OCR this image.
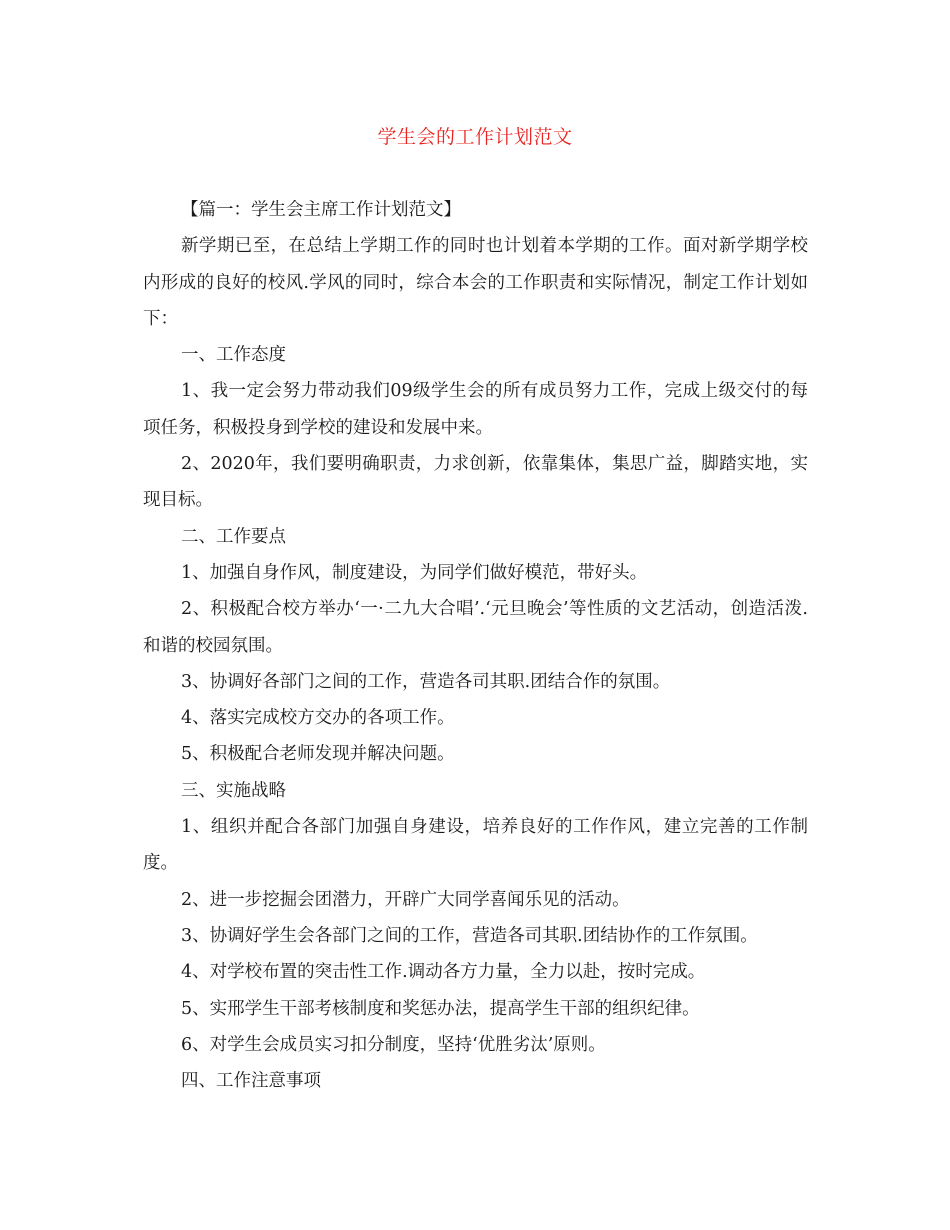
学生会的工作计划范文

【篇一：学生会主席工作计划范文】

新学期已至，在总结上学期工作的同时也计划着本学期的工作。面对新学期学校内形成的良好的校风.学风的同时，综合本会的工作职责和实际情况，制定工作计划如下：

一、工作态度

1、我一定会努力带动我们09级学生会的所有成员努力工作，完成上级交付的每项任务，积极投身到学校的建设和发展中来。

2、2020年，我们要明确职责，力求创新，依靠集体，集思广益，脚踏实地，实现目标。

二、工作要点

1、加强自身作风，制度建设，为同学们做好模范，带好头。

2、积极配合校方举办‘一·二九大合唱’.‘元旦晚会’等性质的文艺活动，创造活泼.和谐的校园氛围。

3、协调好各部门之间的工作，营造各司其职.团结合作的氛围。

4、落实完成校方交办的各项工作。

5、积极配合老师发现并解决问题。

三、实施战略

1、组织并配合各部门加强自身建设，培养良好的工作作风，建立完善的工作制度。

2、进一步挖掘会团潜力，开辟广大同学喜闻乐见的活动。

3、协调好学生会各部门之间的工作，营造各司其职.团结协作的工作氛围。

4、对学校布置的突击性工作.调动各方力量，全力以赴，按时完成。

5、实邢学生干部考核制度和奖惩办法，提高学生干部的组织纪律。

6、对学生会成员实习扣分制度，坚持‘优胜劣汰’原则。

四、工作注意事项
